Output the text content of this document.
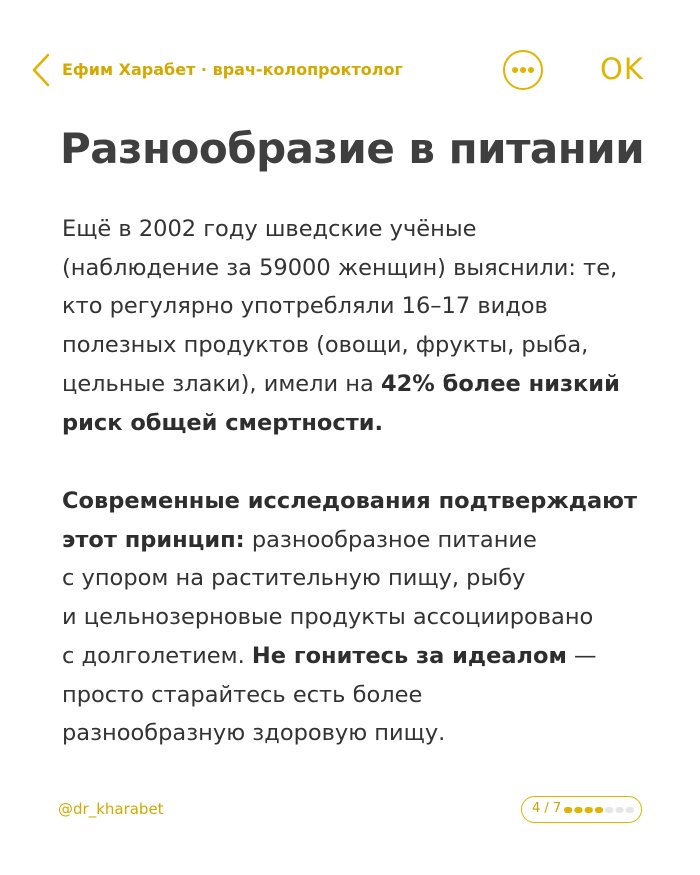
Ефим Харабет · врач-колопроктолог	OK
Разнообразие в питании
Ещё в 2002 году шведские учёные
(наблюдение за 59000 женщин) выяснили: те,
кто регулярно употребляли 16–17 видов
полезных продуктов (овощи, фрукты, рыба,
цельные злаки), имели на 42% более низкий
риск общей смертности.
Современные исследования подтверждают
этот принцип: разнообразное питание
с упором на растительную пищу, рыбу
и цельнозерновые продукты ассоциировано
с долголетием. Не гонитесь за идеалом —
просто старайтесь есть более
разнообразную здоровую пищу.
@dr_kharabet	4 / 7
